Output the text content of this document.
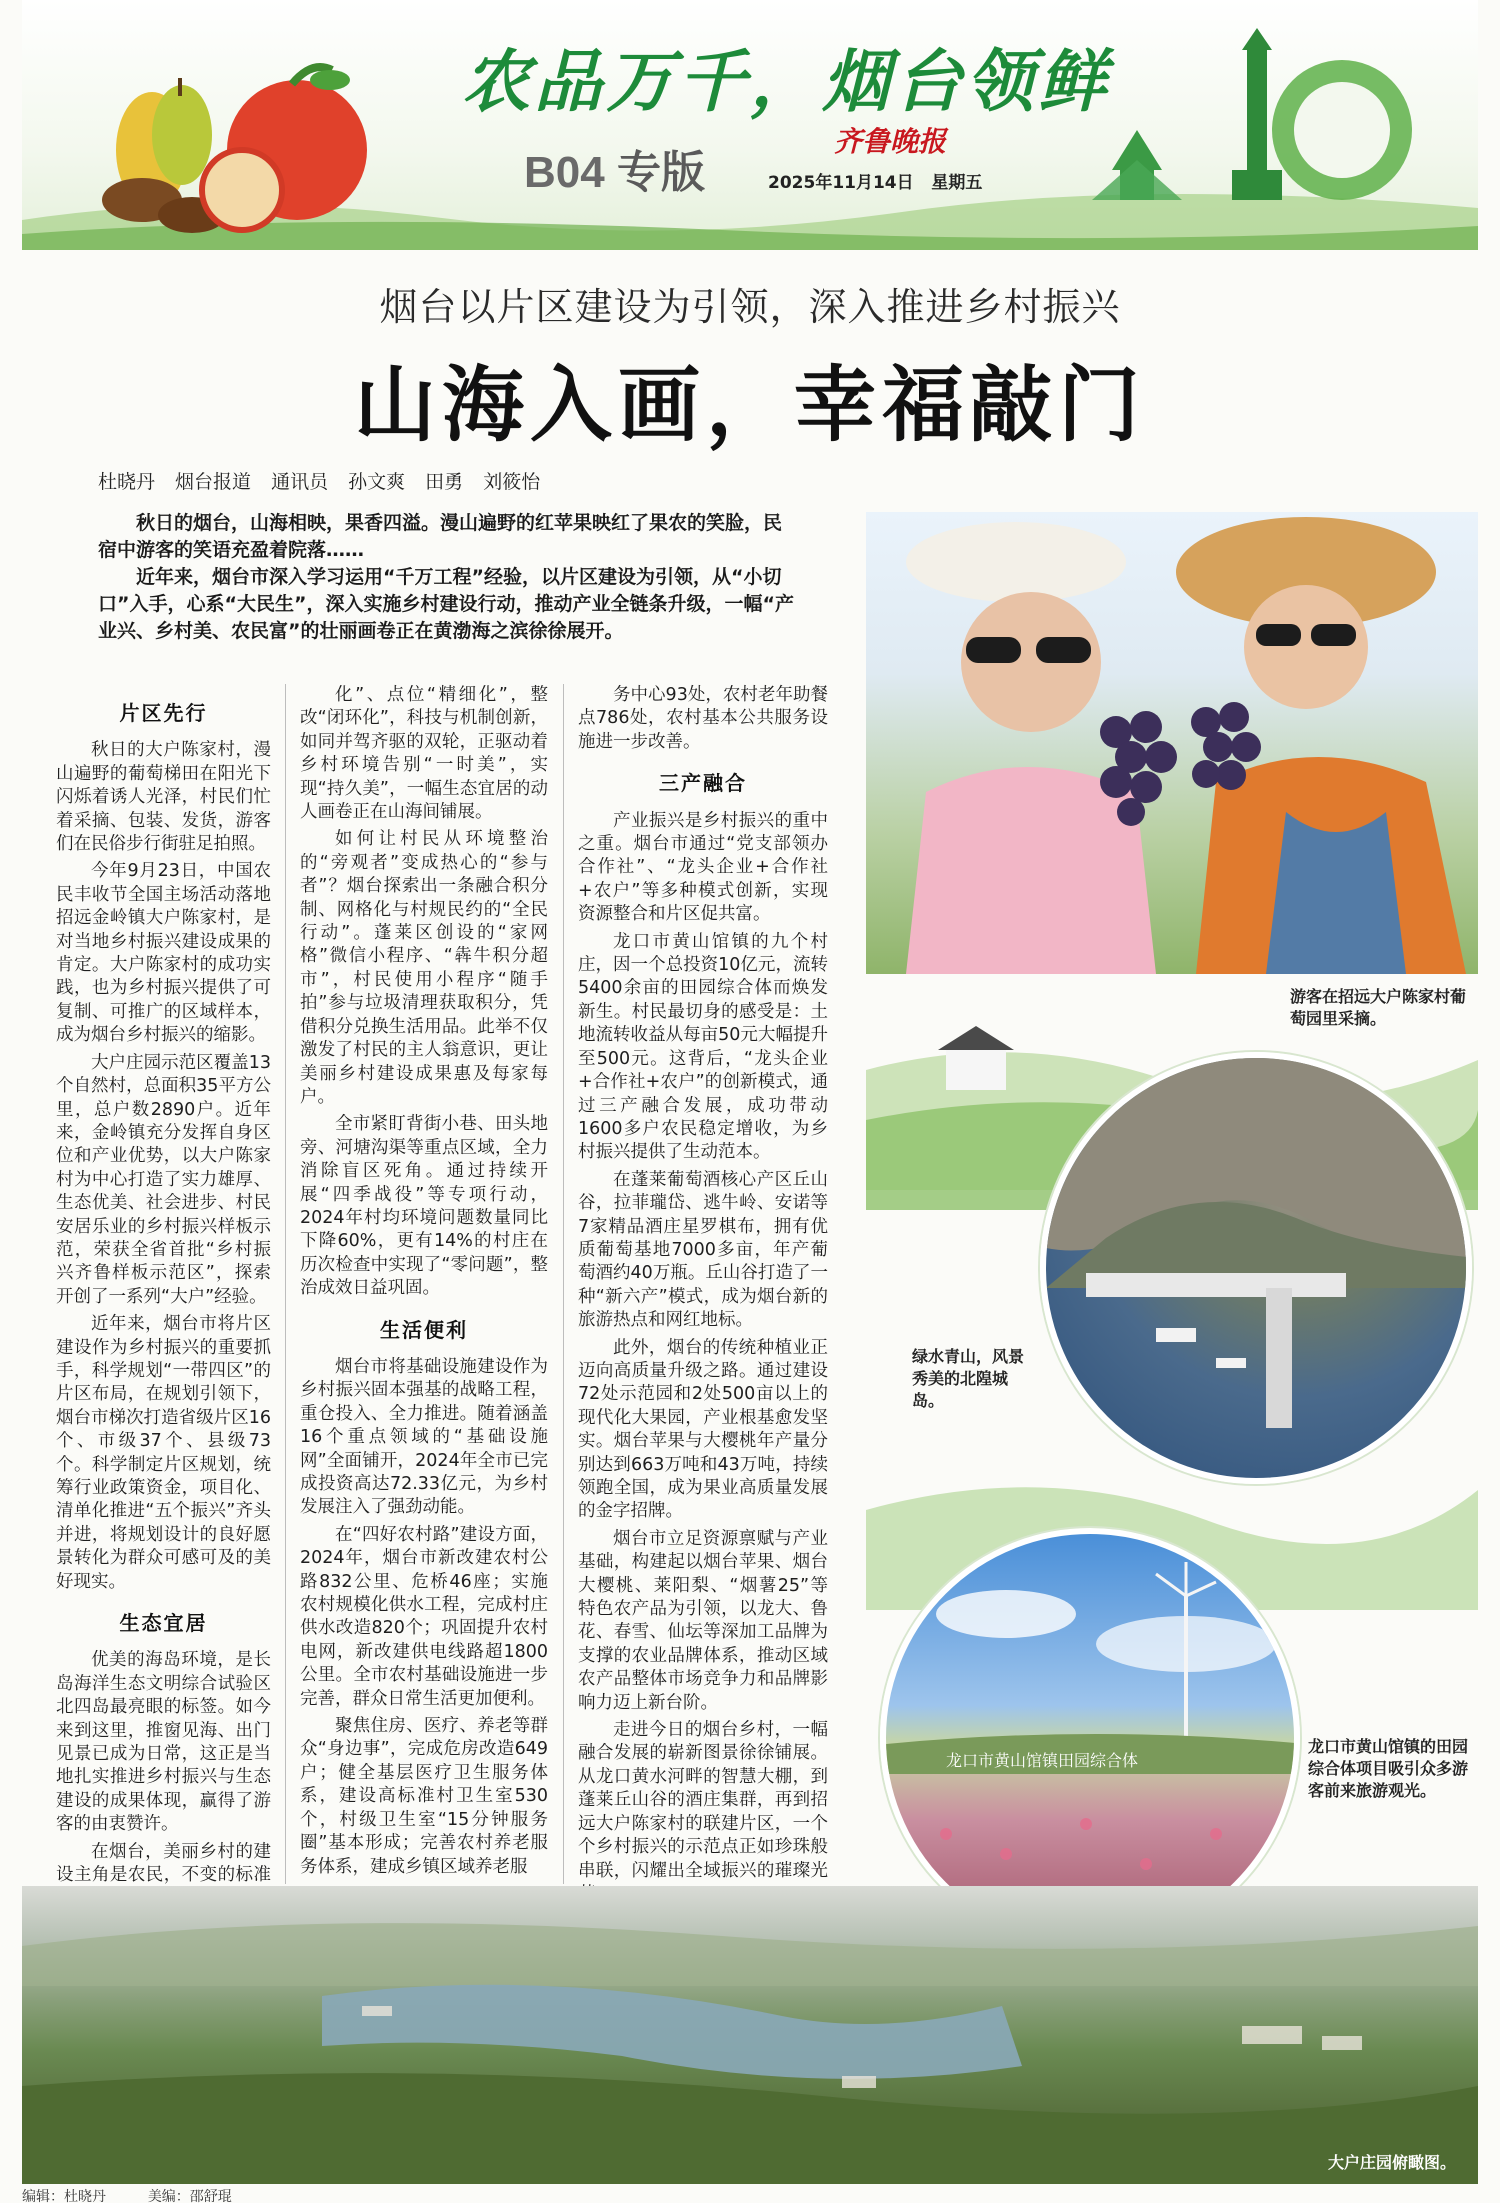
农品万千，烟台领鲜
B04 专版
齐鲁晚报
2025年11月14日 星期五
烟台以片区建设为引领，深入推进乡村振兴
山海入画，幸福敲门
杜晓丹 烟台报道 通讯员 孙文爽 田勇 刘筱怡

秋日的烟台，山海相映，果香四溢。漫山遍野的红苹果映红了果农的笑脸，民宿中游客的笑语充盈着院落……

近年来，烟台市深入学习运用“千万工程”经验，以片区建设为引领，从“小切口”入手，心系“大民生”，深入实施乡村建设行动，推动产业全链条升级，一幅“产业兴、乡村美、农民富”的壮丽画卷正在黄渤海之滨徐徐展开。

片区先行

秋日的大户陈家村，漫山遍野的葡萄梯田在阳光下闪烁着诱人光泽，村民们忙着采摘、包装、发货，游客们在民俗步行街驻足拍照。

今年9月23日，中国农民丰收节全国主场活动落地招远金岭镇大户陈家村，是对当地乡村振兴建设成果的肯定。大户陈家村的成功实践，也为乡村振兴提供了可复制、可推广的区域样本，成为烟台乡村振兴的缩影。

大户庄园示范区覆盖13个自然村，总面积35平方公里，总户数2890户。近年来，金岭镇充分发挥自身区位和产业优势，以大户陈家村为中心打造了实力雄厚、生态优美、社会进步、村民安居乐业的乡村振兴样板示范，荣获全省首批“乡村振兴齐鲁样板示范区”，探索开创了一系列“大户”经验。

近年来，烟台市将片区建设作为乡村振兴的重要抓手，科学规划“一带四区”的片区布局，在规划引领下，烟台市梯次打造省级片区16个、市级37个、县级73个。科学制定片区规划，统筹行业政策资金，项目化、清单化推进“五个振兴”齐头并进，将规划设计的良好愿景转化为群众可感可及的美好现实。

生态宜居

优美的海岛环境，是长岛海洋生态文明综合试验区北四岛最亮眼的标签。如今来到这里，推窗见海、出门见景已成为日常，这正是当地扎实推进乡村振兴与生态建设的成果体现，赢得了游客的由衷赞许。

在烟台，美丽乡村的建设主角是农民，不变的标准

化”、点位“精细化”，整改“闭环化”，科技与机制创新，如同并驾齐驱的双轮，正驱动着乡村环境告别“一时美”，实现“持久美”，一幅生态宜居的动人画卷正在山海间铺展。

如何让村民从环境整治的“旁观者”变成热心的“参与者”？烟台探索出一条融合积分制、网格化与村规民约的“全民行动”。蓬莱区创设的“家网格”微信小程序、“犇牛积分超市”，村民使用小程序“随手拍”参与垃圾清理获取积分，凭借积分兑换生活用品。此举不仅激发了村民的主人翁意识，更让美丽乡村建设成果惠及每家每户。

全市紧盯背街小巷、田头地旁、河塘沟渠等重点区域，全力消除盲区死角。通过持续开展“四季战役”等专项行动，2024年村均环境问题数量同比下降60%，更有14%的村庄在历次检查中实现了“零问题”，整治成效日益巩固。

生活便利

烟台市将基础设施建设作为乡村振兴固本强基的战略工程，重仓投入、全力推进。随着涵盖16个重点领域的“基础设施网”全面铺开，2024年全市已完成投资高达72.33亿元，为乡村发展注入了强劲动能。

在“四好农村路”建设方面，2024年，烟台市新改建农村公路832公里、危桥46座；实施农村规模化供水工程，完成村庄供水改造820个；巩固提升农村电网，新改建供电线路超1800公里。全市农村基础设施进一步完善，群众日常生活更加便利。

聚焦住房、医疗、养老等群众“身边事”，完成危房改造649户；健全基层医疗卫生服务体系，建设高标准村卫生室530个，村级卫生室“15分钟服务圈”基本形成；完善农村养老服务体系，建成乡镇区域养老服

务中心93处，农村老年助餐点786处，农村基本公共服务设施进一步改善。

三产融合

产业振兴是乡村振兴的重中之重。烟台市通过“党支部领办合作社”、“龙头企业+合作社+农户”等多种模式创新，实现资源整合和片区促共富。

龙口市黄山馆镇的九个村庄，因一个总投资10亿元，流转5400余亩的田园综合体而焕发新生。村民最切身的感受是：土地流转收益从每亩50元大幅提升至500元。这背后，“龙头企业+合作社+农户”的创新模式，通过三产融合发展，成功带动1600多户农民稳定增收，为乡村振兴提供了生动范本。

在蓬莱葡萄酒核心产区丘山谷，拉菲瓏岱、逃牛岭、安诺等7家精品酒庄星罗棋布，拥有优质葡萄基地7000多亩，年产葡萄酒约40万瓶。丘山谷打造了一种“新六产”模式，成为烟台新的旅游热点和网红地标。

此外，烟台的传统种植业正迈向高质量升级之路。通过建设72处示范园和2处500亩以上的现代化大果园，产业根基愈发坚实。烟台苹果与大樱桃年产量分别达到663万吨和43万吨，持续领跑全国，成为果业高质量发展的金字招牌。

烟台市立足资源禀赋与产业基础，构建起以烟台苹果、烟台大樱桃、莱阳梨、“烟薯25”等特色农产品为引领，以龙大、鲁花、春雪、仙坛等深加工品牌为支撑的农业品牌体系，推动区域农产品整体市场竞争力和品牌影响力迈上新台阶。

走进今日的烟台乡村，一幅融合发展的崭新图景徐徐铺展。从龙口黄水河畔的智慧大棚，到蓬莱丘山谷的酒庄集群，再到招远大户陈家村的联建片区，一个个乡村振兴的示范点正如珍珠般串联，闪耀出全域振兴的璀璨光

游客在招远大户陈家村葡萄园里采摘。
绿水青山，风景秀美的北隍城岛。
龙口市黄山馆镇田园综合体
龙口市黄山馆镇的田园综合体项目吸引众多游客前来旅游观光。
大户庄园俯瞰图。
编辑：杜晓丹	美编：邵舒琨
